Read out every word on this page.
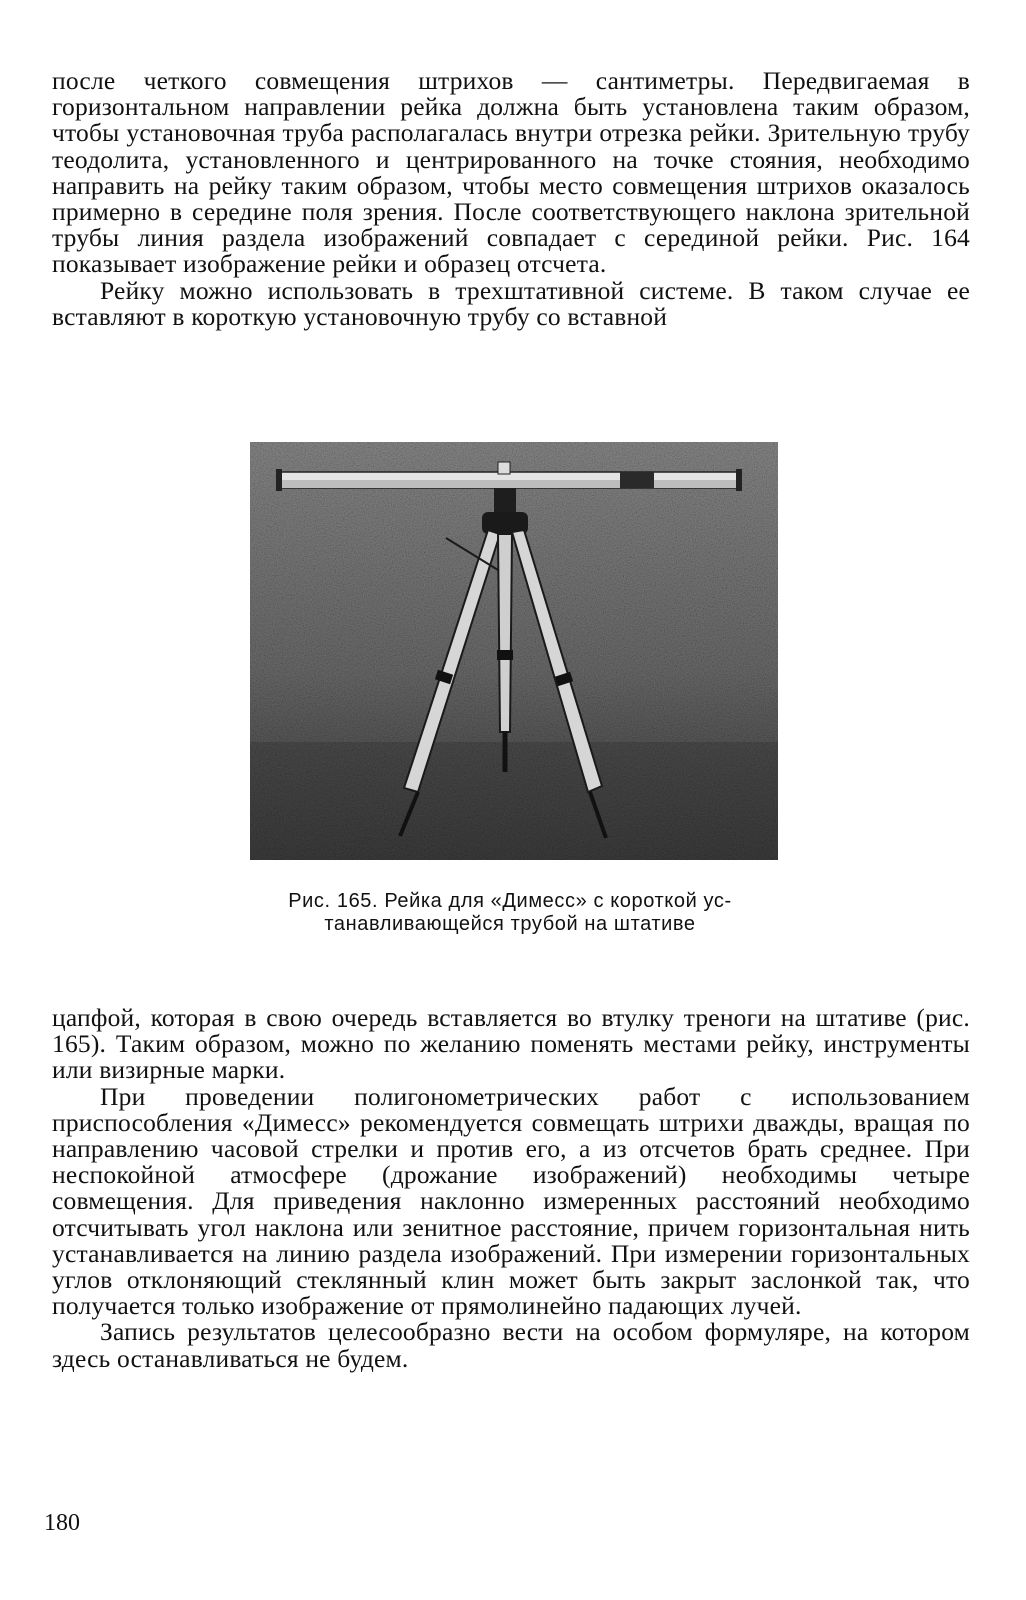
после четкого совмещения штрихов — сантиметры. Передвигаемая в горизонтальном направлении рейка должна быть установлена таким образом, чтобы установочная труба располагалась внутри отрезка рейки. Зрительную трубу теодолита, установленного и центрированного на точке стояния, необходимо направить на рейку таким образом, чтобы место совмещения штрихов оказалось примерно в середине поля зрения. После соответствующего наклона зрительной трубы линия раздела изображений совпадает с серединой рейки. Рис. 164 показывает изображение рейки и образец отсчета.

Рейку можно использовать в трехштативной системе. В таком случае ее вставляют в короткую установочную трубу со вставной

Рис. 165. Рейка для «Димесс» с короткой ус-
танавливающейся трубой на штативе

цапфой, которая в свою очередь вставляется во втулку треноги на штативе (рис. 165). Таким образом, можно по желанию поменять местами рейку, инструменты или визирные марки.

При проведении полигонометрических работ с использованием приспособления «Димесс» рекомендуется совмещать штрихи дважды, вращая по направлению часовой стрелки и против его, а из отсчетов брать среднее. При неспокойной атмосфере (дрожание изображений) необходимы четыре совмещения. Для приведения наклонно измеренных расстояний необходимо отсчитывать угол наклона или зенитное расстояние, причем горизонтальная нить устанавливается на линию раздела изображений. При измерении горизонтальных углов отклоняющий стеклянный клин может быть закрыт заслонкой так, что получается только изображение от прямолинейно падающих лучей.

Запись результатов целесообразно вести на особом формуляре, на котором здесь останавливаться не будем.

180
